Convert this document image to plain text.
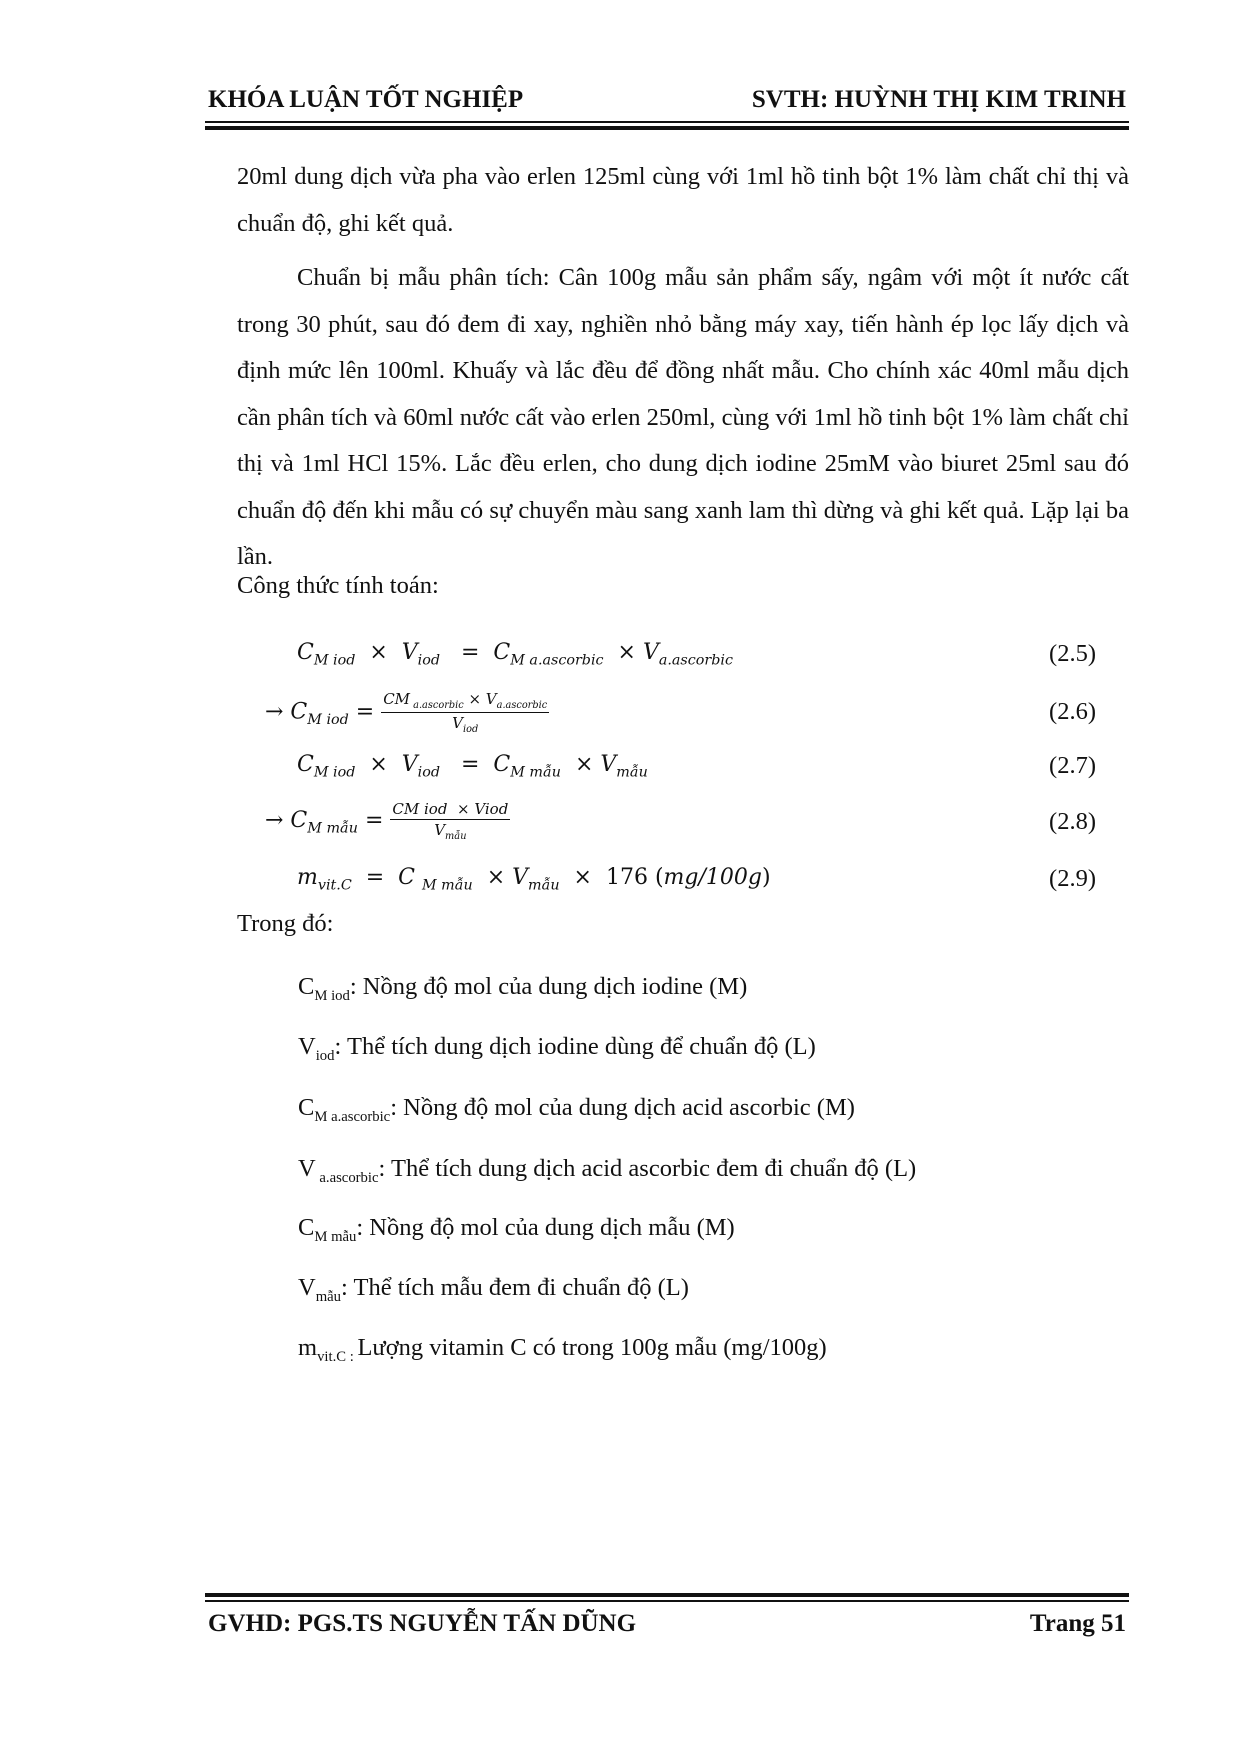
KHÓA LUẬN TỐT NGHIỆP	SVTH: HUỲNH THỊ KIM TRINH
20ml dung dịch vừa pha vào erlen 125ml cùng với 1ml hồ tinh bột 1% làm chất chỉ thị và chuẩn độ, ghi kết quả.
Chuẩn bị mẫu phân tích: Cân 100g mẫu sản phẩm sấy, ngâm với một ít nước cất trong 30 phút, sau đó đem đi xay, nghiền nhỏ bằng máy xay, tiến hành ép lọc lấy dịch và định mức lên 100ml. Khuấy và lắc đều để đồng nhất mẫu. Cho chính xác 40ml mẫu dịch cần phân tích và 60ml nước cất vào erlen 250ml, cùng với 1ml hồ tinh bột 1% làm chất chỉ thị và 1ml HCl 15%. Lắc đều erlen, cho dung dịch iodine 25mM vào biuret 25ml sau đó chuẩn độ đến khi mẫu có sự chuyển màu sang xanh lam thì dừng và ghi kết quả. Lặp lại ba lần.
Công thức tính toán:
$C_{M iod} \times V_{iod} = C_{M a.ascorbic} \times V_{a.ascorbic}$	(2.5)
→ $C_{M iod} = \frac{CM _{a.ascorbic} \times V_{a.ascorbic}}{V_{iod}}$	(2.6)
$C_{M iod} \times V_{iod} = C_{M mẫu} \times V_{mẫu}$	(2.7)
→ $C_{M mẫu} = \frac{\text{CM iod  × Viod}}{V_{mẫu}}$	(2.8)
$m_{vit.C} = C$ $_{M mẫu} \times V_{mẫu} \times 176$ (mg/100g)	(2.9)
Trong đó:
$C_{M iod}$: Nồng độ mol của dung dịch iodine (M)
$V_{iod}$: Thể tích dung dịch iodine dùng để chuẩn độ (L)
$C_{M a.ascorbic}$: Nồng độ mol của dung dịch acid ascorbic (M)
V $_{a.ascorbic}$: Thể tích dung dịch acid ascorbic đem đi chuẩn độ (L)
$C_{M mẫu}$: Nồng độ mol của dung dịch mẫu (M)
$V_{mẫu}$: Thể tích mẫu đem đi chuẩn độ (L)
$m_{vit.C :}$ Lượng vitamin C có trong 100g mẫu (mg/100g)
GVHD: PGS.TS NGUYỄN TẤN DŨNG	Trang 51
